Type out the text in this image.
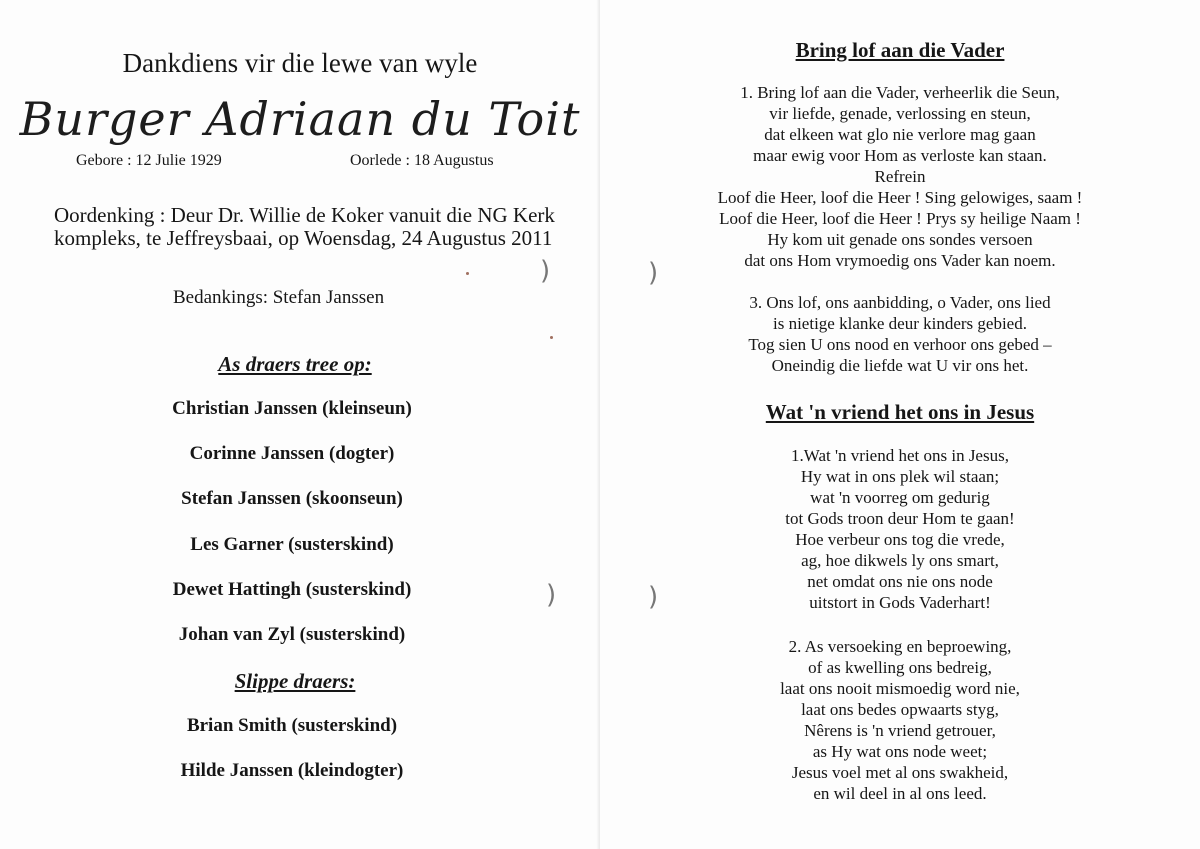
Dankdiens vir die lewe van wyle
Burger Adriaan du Toit
Gebore : 12 Julie 1929	Oorlede : 18 Augustus
Oordenking : Deur Dr. Willie de Koker vanuit die NG Kerk kompleks, te Jeffreysbaai, op Woensdag, 24 Augustus 2011
Bedankings: Stefan Janssen
As draers tree op:
Christian Janssen (kleinseun)
Corinne Janssen (dogter)
Stefan Janssen (skoonseun)
Les Garner (susterskind)
Dewet Hattingh (susterskind)
Johan van Zyl (susterskind)
Slippe draers:
Brian Smith (susterskind)
Hilde Janssen (kleindogter)
)
)
Bring lof aan die Vader
1. Bring lof aan die Vader, verheerlik die Seun,
vir liefde, genade, verlossing en steun,
dat elkeen wat glo nie verlore mag gaan
maar ewig voor Hom as verloste kan staan.
Refrein
Loof die Heer, loof die Heer ! Sing gelowiges, saam !
Loof die Heer, loof die Heer ! Prys sy heilige Naam !
Hy kom uit genade ons sondes versoen
dat ons Hom vrymoedig ons Vader kan noem.
3. Ons lof, ons aanbidding, o Vader, ons lied
is nietige klanke deur kinders gebied.
Tog sien U ons nood en verhoor ons gebed –
Oneindig die liefde wat U vir ons het.
Wat 'n vriend het ons in Jesus
1.Wat 'n vriend het ons in Jesus,
Hy wat in ons plek wil staan;
wat 'n voorreg om gedurig
tot Gods troon deur Hom te gaan!
Hoe verbeur ons tog die vrede,
ag, hoe dikwels ly ons smart,
net omdat ons nie ons node
uitstort in Gods Vaderhart!
2. As versoeking en beproewing,
of as kwelling ons bedreig,
laat ons nooit mismoedig word nie,
laat ons bedes opwaarts styg,
Nêrens is 'n vriend getrouer,
as Hy wat ons node weet;
Jesus voel met al ons swakheid,
en wil deel in al ons leed.
)
)
